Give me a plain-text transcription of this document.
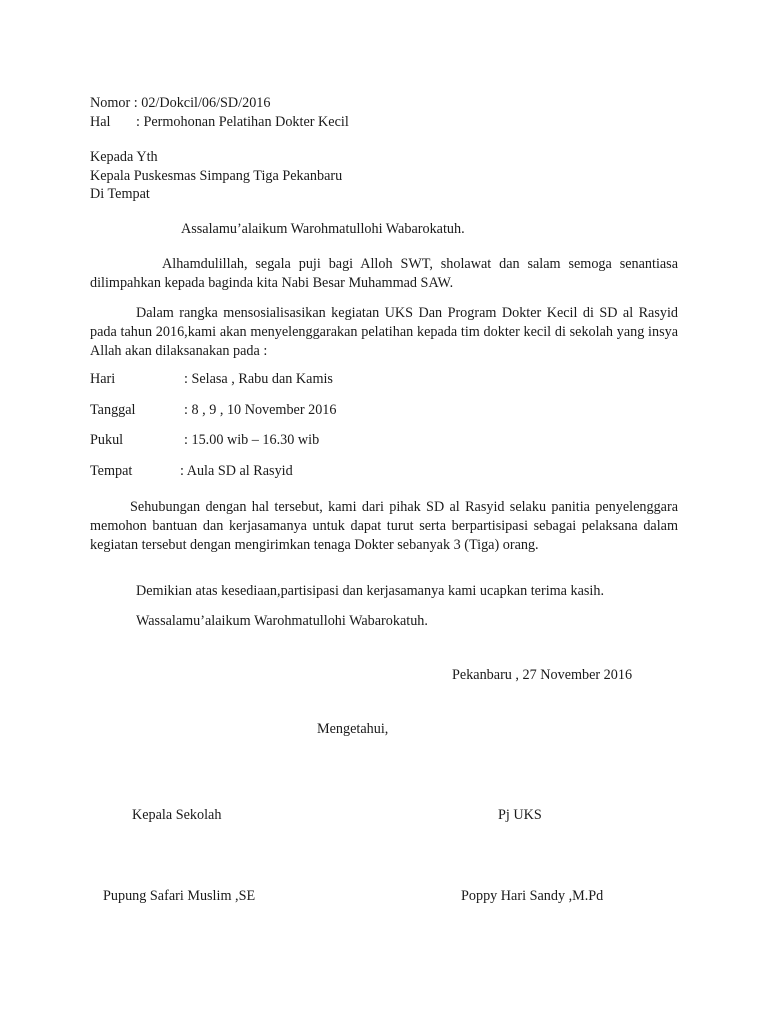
Nomor : 02/Dokcil/06/SD/2016
Hal : Permohonan Pelatihan Dokter Kecil
Kepada Yth
Kepala Puskesmas Simpang Tiga Pekanbaru
Di Tempat
Assalamu’alaikum Warohmatullohi Wabarokatuh.
Alhamdulillah, segala puji bagi Alloh SWT, sholawat dan salam semoga senantiasa dilimpahkan kepada baginda kita Nabi Besar Muhammad SAW.
Dalam rangka mensosialisasikan kegiatan UKS Dan Program Dokter Kecil di SD al Rasyid pada tahun 2016,kami akan menyelenggarakan pelatihan kepada tim dokter kecil di sekolah yang insya Allah akan dilaksanakan pada :
Hari	: Selasa , Rabu dan Kamis
Tanggal	: 8 , 9 , 10 November 2016
Pukul	: 15.00 wib – 16.30 wib
Tempat	: Aula SD al Rasyid
Sehubungan dengan hal tersebut, kami dari pihak SD al Rasyid selaku panitia penyelenggara memohon bantuan dan kerjasamanya untuk dapat turut serta berpartisipasi sebagai pelaksana dalam kegiatan tersebut dengan mengirimkan tenaga Dokter sebanyak 3 (Tiga) orang.
Demikian atas kesediaan,partisipasi dan kerjasamanya kami ucapkan terima kasih.
Wassalamu’alaikum Warohmatullohi Wabarokatuh.
Pekanbaru , 27 November 2016
Mengetahui,
Kepala Sekolah	Pj UKS
Pupung Safari Muslim ,SE	Poppy Hari Sandy ,M.Pd
